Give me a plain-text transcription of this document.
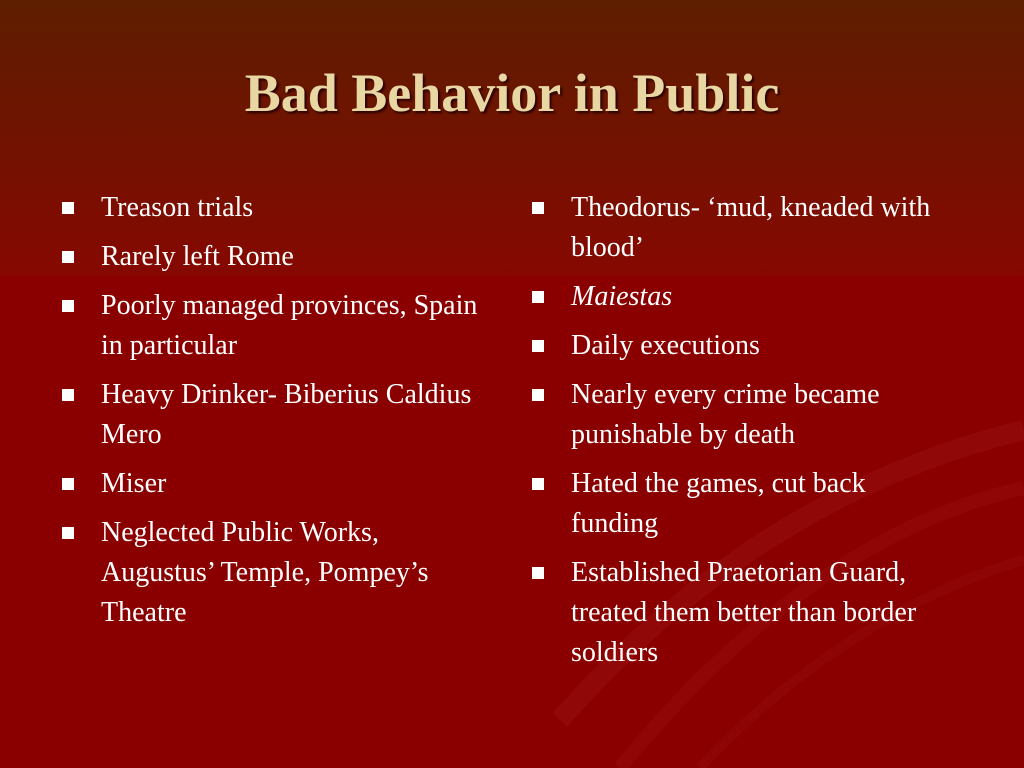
Bad Behavior in Public
Treason trials
Rarely left Rome
Poorly managed provinces, Spain in particular
Heavy Drinker- Biberius Caldius Mero
Miser
Neglected Public Works, Augustus’ Temple, Pompey’s Theatre
Theodorus- ‘mud, kneaded with blood’
Maiestas
Daily executions
Nearly every crime became punishable by death
Hated the games, cut back funding
Established Praetorian Guard, treated them better than border soldiers
